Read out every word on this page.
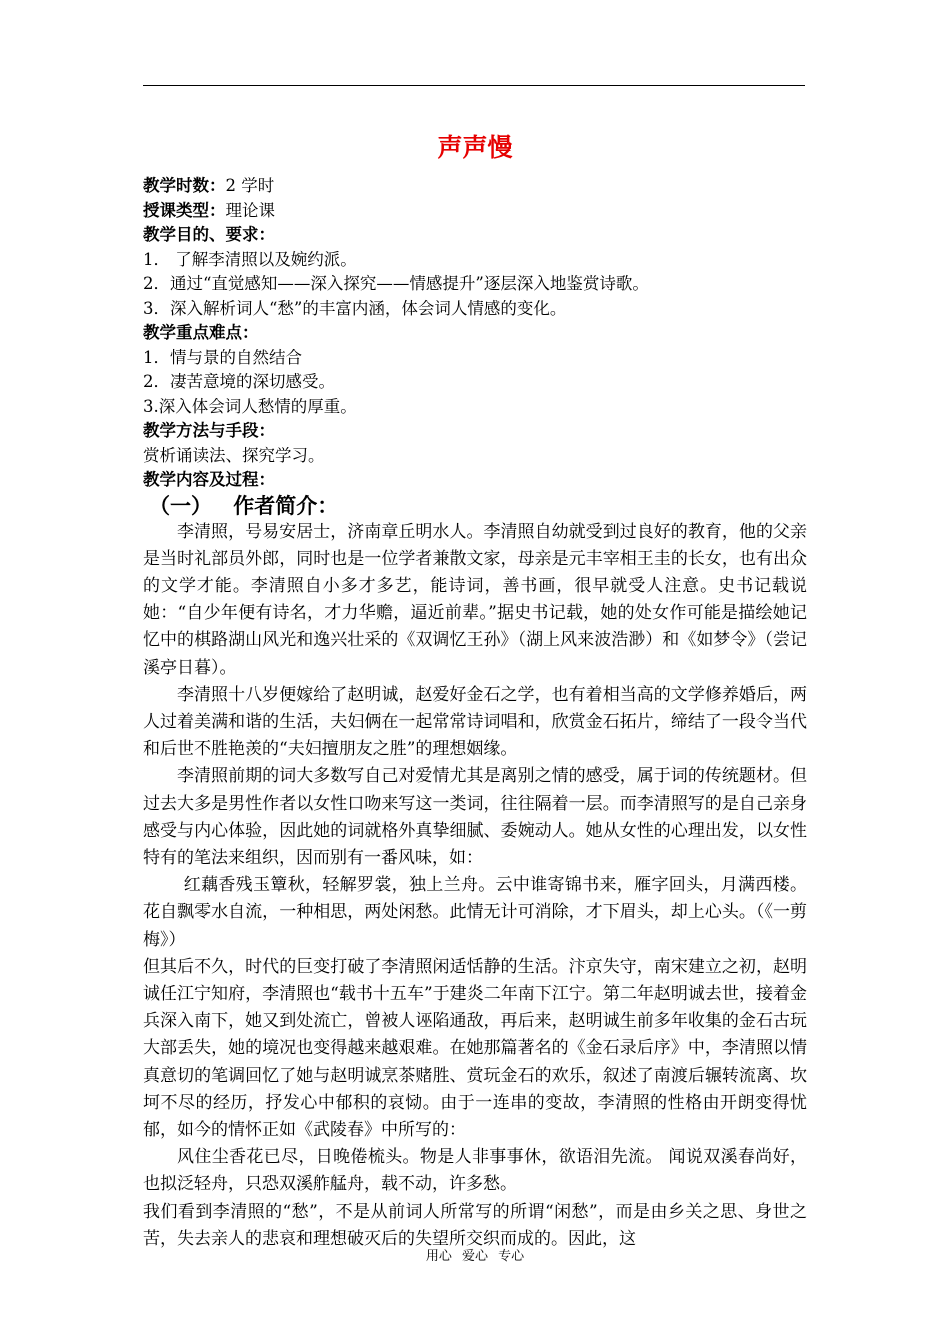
声声慢
教学时数：2 学时
授课类型：理论课
教学目的、要求：
1． 了解李清照以及婉约派。
2．通过“直觉感知——深入探究——情感提升”逐层深入地鉴赏诗歌。
3．深入解析词人“愁”的丰富内涵，体会词人情感的变化。
教学重点难点：
1．情与景的自然结合
2．凄苦意境的深切感受。
3.深入体会词人愁情的厚重。
教学方法与手段：
赏析诵读法、探究学习。
教学内容及过程：
（一） 作者简介：

李清照，号易安居士，济南章丘明水人。李清照自幼就受到过良好的教育，他的父亲是当时礼部员外郎，同时也是一位学者兼散文家，母亲是元丰宰相王圭的长女，也有出众的文学才能。李清照自小多才多艺，能诗词，善书画，很早就受人注意。史书记载说她：“自少年便有诗名，才力华赡，逼近前辈。”据史书记载，她的处女作可能是描绘她记忆中的棋路湖山风光和逸兴壮采的《双调忆王孙》（湖上风来波浩渺）和《如梦令》（尝记溪亭日暮）。

李清照十八岁便嫁给了赵明诚，赵爱好金石之学，也有着相当高的文学修养婚后，两人过着美满和谐的生活，夫妇俩在一起常常诗词唱和，欣赏金石拓片，缔结了一段令当代和后世不胜艳羡的“夫妇擅朋友之胜”的理想姻缘。

李清照前期的词大多数写自己对爱情尤其是离别之情的感受，属于词的传统题材。但过去大多是男性作者以女性口吻来写这一类词，往往隔着一层。而李清照写的是自己亲身感受与内心体验，因此她的词就格外真挚细腻、委婉动人。她从女性的心理出发，以女性特有的笔法来组织，因而别有一番风味，如：

红藕香残玉簟秋，轻解罗裳，独上兰舟。云中谁寄锦书来，雁字回头，月满西楼。 花自飘零水自流，一种相思，两处闲愁。此情无计可消除，才下眉头，却上心头。（《一剪梅》）

但其后不久，时代的巨变打破了李清照闲适恬静的生活。汴京失守，南宋建立之初，赵明诚任江宁知府，李清照也“载书十五车”于建炎二年南下江宁。第二年赵明诚去世，接着金兵深入南下，她又到处流亡，曾被人诬陷通敌，再后来，赵明诚生前多年收集的金石古玩大部丢失，她的境况也变得越来越艰难。在她那篇著名的《金石录后序》中，李清照以情真意切的笔调回忆了她与赵明诚烹茶赌胜、赏玩金石的欢乐，叙述了南渡后辗转流离、坎坷不尽的经历，抒发心中郁积的哀恸。由于一连串的变故，李清照的性格由开朗变得忧郁，如今的情怀正如《武陵春》中所写的：

风住尘香花已尽，日晚倦梳头。物是人非事事休，欲语泪先流。 闻说双溪春尚好，也拟泛轻舟，只恐双溪舴艋舟，载不动，许多愁。

我们看到李清照的“愁”，不是从前词人所常写的所谓“闲愁”，而是由乡关之思、身世之苦，失去亲人的悲哀和理想破灭后的失望所交织而成的。因此，这

用心 爱心 专心
